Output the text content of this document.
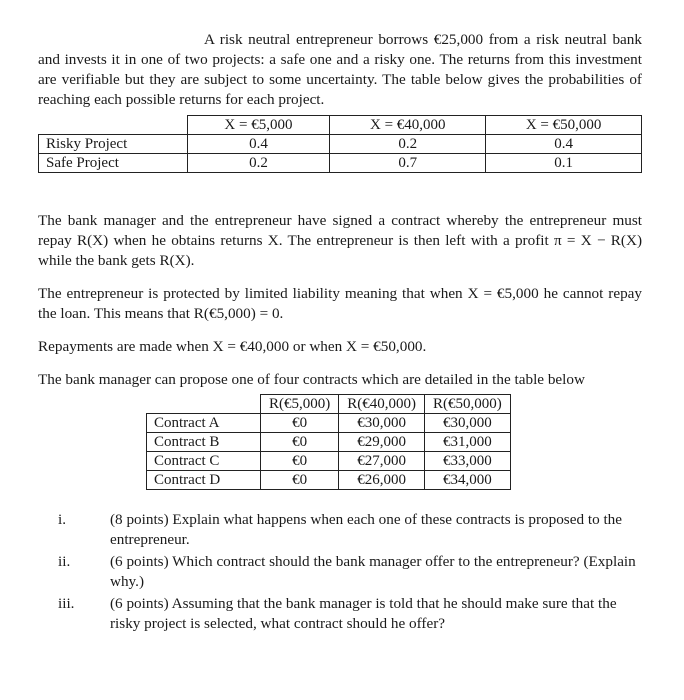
A risk neutral entrepreneur borrows €25,000 from a risk neutral bank and invests it in one of two projects: a safe one and a risky one. The returns from this investment are verifiable but they are subject to some uncertainty. The table below gives the probabilities of reaching each possible returns for each project.

	X = €5,000	X = €40,000	X = €50,000
Risky Project	0.4	0.2	0.4
Safe Project	0.2	0.7	0.1

The bank manager and the entrepreneur have signed a contract whereby the entrepreneur must repay R(X) when he obtains returns X. The entrepreneur is then left with a profit π = X − R(X) while the bank gets R(X).

The entrepreneur is protected by limited liability meaning that when X = €5,000 he cannot repay the loan. This means that R(€5,000) = 0.

Repayments are made when X = €40,000 or when X = €50,000.

The bank manager can propose one of four contracts which are detailed in the table below

	R(€5,000)	R(€40,000)	R(€50,000)
Contract A	€0	€30,000	€30,000
Contract B	€0	€29,000	€31,000
Contract C	€0	€27,000	€33,000
Contract D	€0	€26,000	€34,000
i.	(8 points) Explain what happens when each one of these contracts is proposed to the entrepreneur.
ii.	(6 points) Which contract should the bank manager offer to the entrepreneur? (Explain why.)
iii. (6 points) Assuming that the bank manager is told that he should make sure that the risky project is selected, what contract should he offer?
